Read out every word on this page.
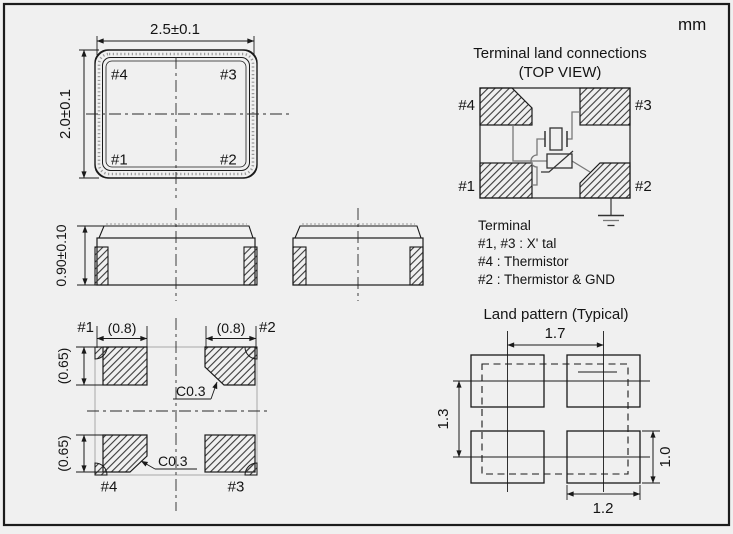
mm
2.5±0.1
2.0±0.1
#4	#3
#1	#2
0.90±0.10
(0.8)	(0.8)
#1	#2
#4	#3
(0.65)
(0.65)
C0.3
C0.3
Terminal land connections
(TOP VIEW)
#4	#3
#1	#2
Terminal
#1, #3 : X' tal
#4 : Thermistor
#2 : Thermistor & GND
Land pattern (Typical)
1.7
1.3
1.0
1.2
